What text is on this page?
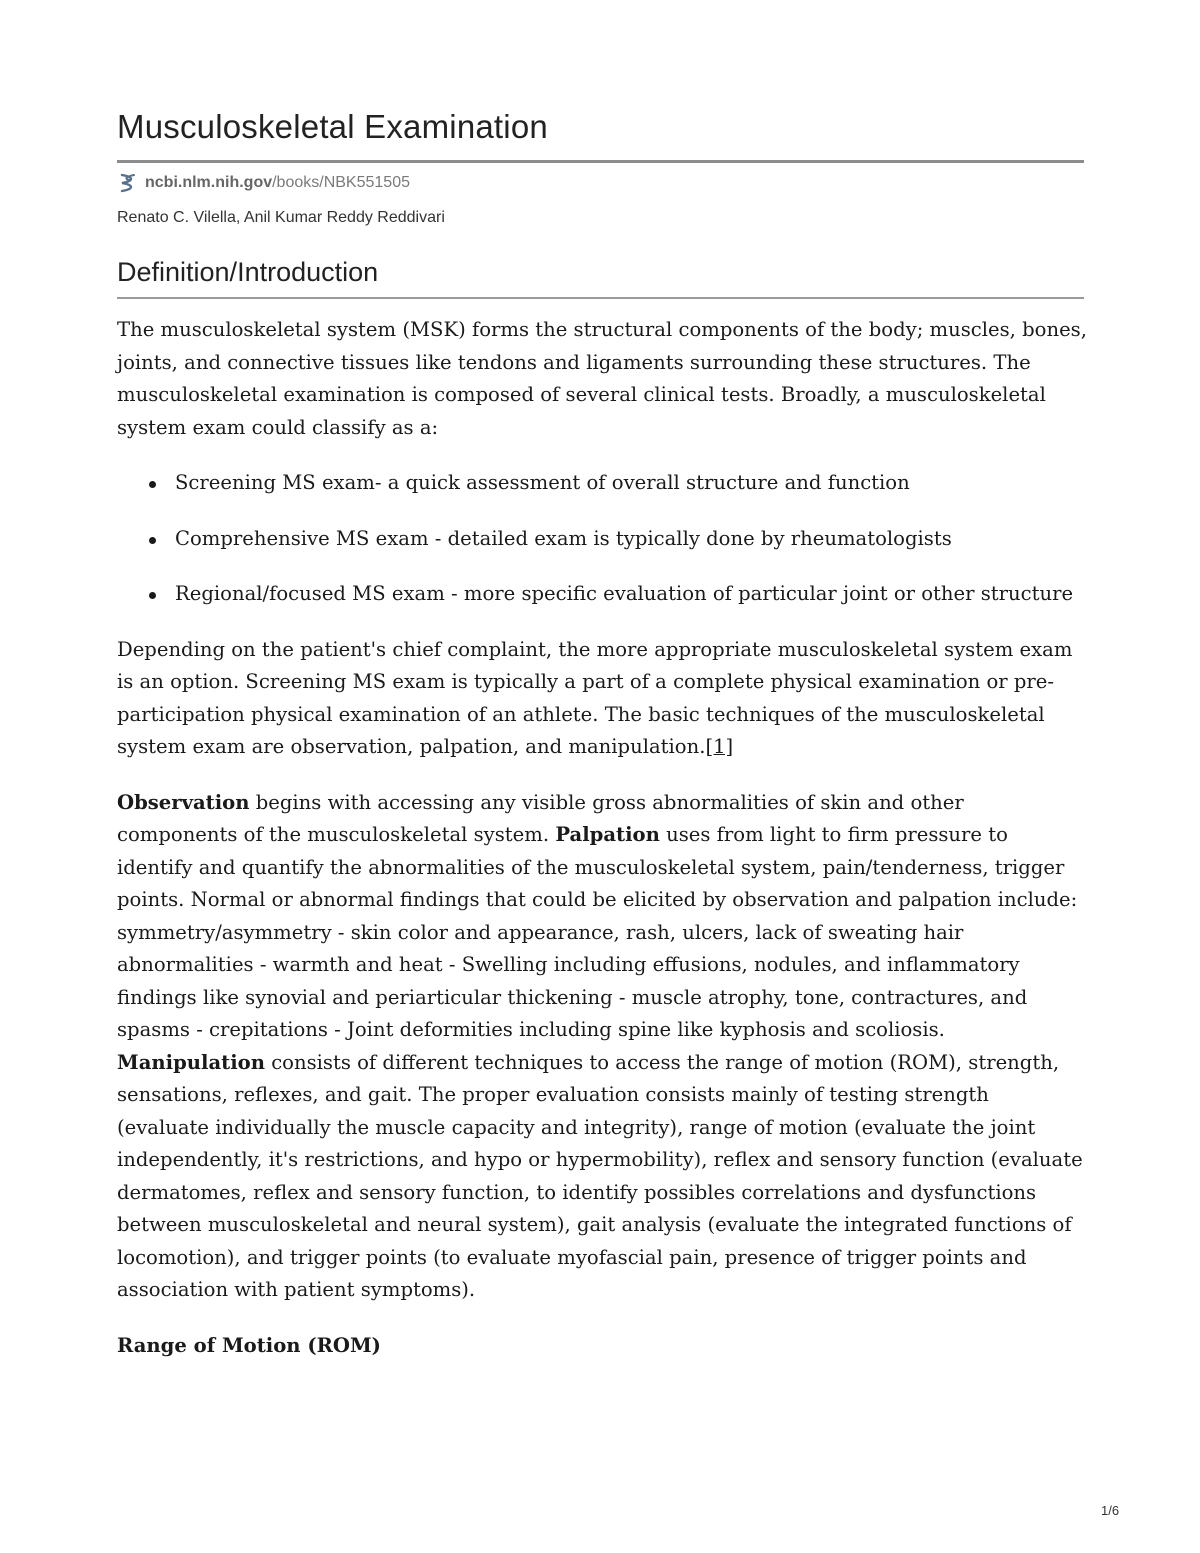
Musculoskeletal Examination
ncbi.nlm.nih.gov /books/NBK551505
Renato C. Vilella, Anil Kumar Reddy Reddivari
Definition/Introduction

The musculoskeletal system (MSK) forms the structural components of the body; muscles, bones, joints, and connective tissues like tendons and ligaments surrounding these structures. The musculoskeletal examination is composed of several clinical tests. Broadly, a musculoskeletal system exam could classify as a:

Screening MS exam- a quick assessment of overall structure and function
Comprehensive MS exam - detailed exam is typically done by rheumatologists
Regional/focused MS exam - more specific evaluation of particular joint or other structure

Depending on the patient's chief complaint, the more appropriate musculoskeletal system exam is an option. Screening MS exam is typically a part of a complete physical examination or pre-participation physical examination of an athlete. The basic techniques of the musculoskeletal system exam are observation, palpation, and manipulation.[1]

Observation begins with accessing any visible gross abnormalities of skin and other components of the musculoskeletal system. Palpation uses from light to firm pressure to identify and quantify the abnormalities of the musculoskeletal system, pain/tenderness, trigger points. Normal or abnormal findings that could be elicited by observation and palpation include: symmetry/asymmetry - skin color and appearance, rash, ulcers, lack of sweating hair abnormalities - warmth and heat - Swelling including effusions, nodules, and inflammatory findings like synovial and periarticular thickening - muscle atrophy, tone, contractures, and spasms - crepitations - Joint deformities including spine like kyphosis and scoliosis. Manipulation consists of different techniques to access the range of motion (ROM), strength, sensations, reflexes, and gait. The proper evaluation consists mainly of testing strength (evaluate individually the muscle capacity and integrity), range of motion (evaluate the joint independently, it's restrictions, and hypo or hypermobility), reflex and sensory function (evaluate dermatomes, reflex and sensory function, to identify possibles correlations and dysfunctions between musculoskeletal and neural system), gait analysis (evaluate the integrated functions of locomotion), and trigger points (to evaluate myofascial pain, presence of trigger points and association with patient symptoms).

Range of Motion (ROM)
1/6
